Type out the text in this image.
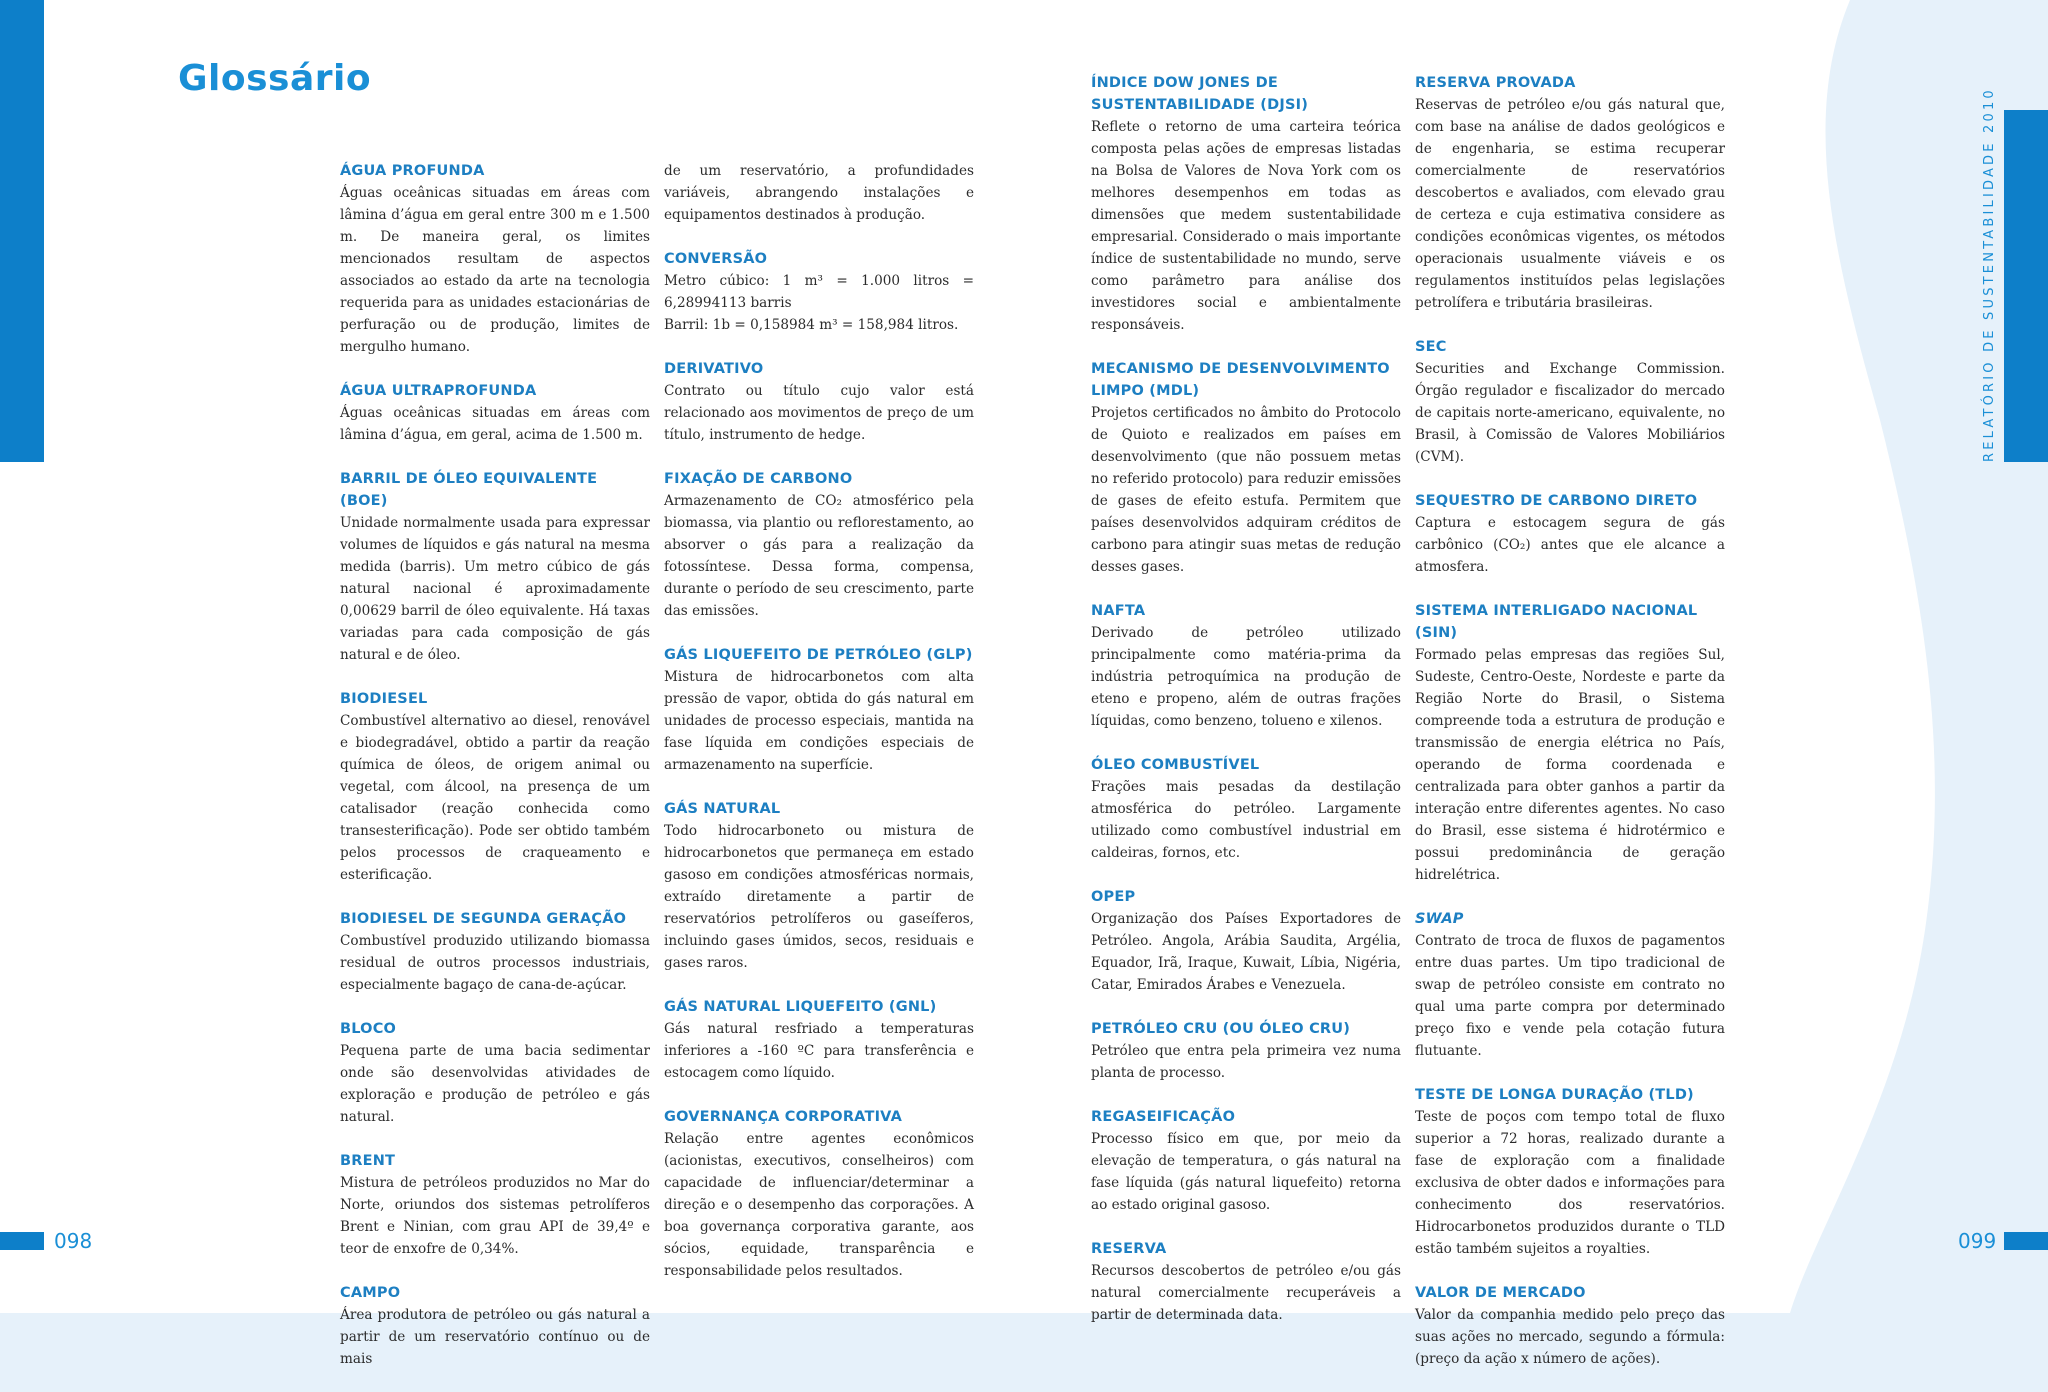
Glossário
RELATÓRIO DE SUSTENTABILIDADE 2010
098	099
ÁGUA PROFUNDA
Águas oceânicas situadas em áreas com lâmina d’água em geral entre 300 m e 1.500 m. De maneira geral, os limites mencionados resultam de aspectos associados ao estado da arte na tecnologia requerida para as unidades estacionárias de perfuração ou de produção, limites de mergulho humano.
ÁGUA ULTRAPROFUNDA
Águas oceânicas situadas em áreas com lâmina d’água, em geral, acima de 1.500 m.
BARRIL DE ÓLEO EQUIVALENTE (BOE)
Unidade normalmente usada para expressar volumes de líquidos e gás natural na mesma medida (barris). Um metro cúbico de gás natural nacional é aproximadamente 0,00629 barril de óleo equivalente. Há taxas variadas para cada composição de gás natural e de óleo.
BIODIESEL
Combustível alternativo ao diesel, renovável e biodegradável, obtido a partir da reação química de óleos, de origem animal ou vegetal, com álcool, na presença de um catalisador (reação conhecida como transesterificação). Pode ser obtido também pelos processos de craqueamento e esterificação.
BIODIESEL DE SEGUNDA GERAÇÃO
Combustível produzido utilizando biomassa residual de outros processos industriais, especialmente bagaço de cana-de-açúcar.
BLOCO
Pequena parte de uma bacia sedimentar onde são desenvolvidas atividades de exploração e produção de petróleo e gás natural.
BRENT
Mistura de petróleos produzidos no Mar do Norte, oriundos dos sistemas petrolíferos Brent e Ninian, com grau API de 39,4º e teor de enxofre de 0,34%.
CAMPO
Área produtora de petróleo ou gás natural a partir de um reservatório contínuo ou de mais
de um reservatório, a profundidades variáveis, abrangendo instalações e equipamentos destinados à produção.
CONVERSÃO
Metro cúbico: 1 m³ = 1.000 litros = 6,28994113 barris
Barril: 1b = 0,158984 m³ = 158,984 litros.
DERIVATIVO
Contrato ou título cujo valor está relacionado aos movimentos de preço de um título, instrumento de hedge.
FIXAÇÃO DE CARBONO
Armazenamento de CO₂ atmosférico pela biomassa, via plantio ou reflorestamento, ao absorver o gás para a realização da fotossíntese. Dessa forma, compensa, durante o período de seu crescimento, parte das emissões.
GÁS LIQUEFEITO DE PETRÓLEO (GLP)
Mistura de hidrocarbonetos com alta pressão de vapor, obtida do gás natural em unidades de processo especiais, mantida na fase líquida em condições especiais de armazenamento na superfície.
GÁS NATURAL
Todo hidrocarboneto ou mistura de hidrocarbonetos que permaneça em estado gasoso em condições atmosféricas normais, extraído diretamente a partir de reservatórios petrolíferos ou gaseíferos, incluindo gases úmidos, secos, residuais e gases raros.
GÁS NATURAL LIQUEFEITO (GNL)
Gás natural resfriado a temperaturas inferiores a -160 ºC para transferência e estocagem como líquido.
GOVERNANÇA CORPORATIVA
Relação entre agentes econômicos (acionistas, executivos, conselheiros) com capacidade de influenciar/determinar a direção e o desempenho das corporações. A boa governança corporativa garante, aos sócios, equidade, transparência e responsabilidade pelos resultados.
ÍNDICE DOW JONES DE SUSTENTABILIDADE (DJSI)
Reflete o retorno de uma carteira teórica composta pelas ações de empresas listadas na Bolsa de Valores de Nova York com os melhores desempenhos em todas as dimensões que medem sustentabilidade empresarial. Considerado o mais importante índice de sustentabilidade no mundo, serve como parâmetro para análise dos investidores social e ambientalmente responsáveis.
MECANISMO DE DESENVOLVIMENTO LIMPO (MDL)
Projetos certificados no âmbito do Protocolo de Quioto e realizados em países em desenvolvimento (que não possuem metas no referido protocolo) para reduzir emissões de gases de efeito estufa. Permitem que países desenvolvidos adquiram créditos de carbono para atingir suas metas de redução desses gases.
NAFTA
Derivado de petróleo utilizado principalmente como matéria-prima da indústria petroquímica na produção de eteno e propeno, além de outras frações líquidas, como benzeno, tolueno e xilenos.
ÓLEO COMBUSTÍVEL
Frações mais pesadas da destilação atmosférica do petróleo. Largamente utilizado como combustível industrial em caldeiras, fornos, etc.
OPEP
Organização dos Países Exportadores de Petróleo. Angola, Arábia Saudita, Argélia, Equador, Irã, Iraque, Kuwait, Líbia, Nigéria, Catar, Emirados Árabes e Venezuela.
PETRÓLEO CRU (OU ÓLEO CRU)
Petróleo que entra pela primeira vez numa planta de processo.
REGASEIFICAÇÃO
Processo físico em que, por meio da elevação de temperatura, o gás natural na fase líquida (gás natural liquefeito) retorna ao estado original gasoso.
RESERVA
Recursos descobertos de petróleo e/ou gás natural comercialmente recuperáveis a partir de determinada data.
RESERVA PROVADA
Reservas de petróleo e/ou gás natural que, com base na análise de dados geológicos e de engenharia, se estima recuperar comercialmente de reservatórios descobertos e avaliados, com elevado grau de certeza e cuja estimativa considere as condições econômicas vigentes, os métodos operacionais usualmente viáveis e os regulamentos instituídos pelas legislações petrolífera e tributária brasileiras.
SEC
Securities and Exchange Commission. Órgão regulador e fiscalizador do mercado de capitais norte-americano, equivalente, no Brasil, à Comissão de Valores Mobiliários (CVM).
SEQUESTRO DE CARBONO DIRETO
Captura e estocagem segura de gás carbônico (CO₂) antes que ele alcance a atmosfera.
SISTEMA INTERLIGADO NACIONAL (SIN)
Formado pelas empresas das regiões Sul, Sudeste, Centro-Oeste, Nordeste e parte da Região Norte do Brasil, o Sistema compreende toda a estrutura de produção e transmissão de energia elétrica no País, operando de forma coordenada e centralizada para obter ganhos a partir da interação entre diferentes agentes. No caso do Brasil, esse sistema é hidrotérmico e possui predominância de geração hidrelétrica.
SWAP
Contrato de troca de fluxos de pagamentos entre duas partes. Um tipo tradicional de swap de petróleo consiste em contrato no qual uma parte compra por determinado preço fixo e vende pela cotação futura flutuante.
TESTE DE LONGA DURAÇÃO (TLD)
Teste de poços com tempo total de fluxo superior a 72 horas, realizado durante a fase de exploração com a finalidade exclusiva de obter dados e informações para conhecimento dos reservatórios. Hidrocarbonetos produzidos durante o TLD estão também sujeitos a royalties.
VALOR DE MERCADO
Valor da companhia medido pelo preço das suas ações no mercado, segundo a fórmula: (preço da ação x número de ações).
